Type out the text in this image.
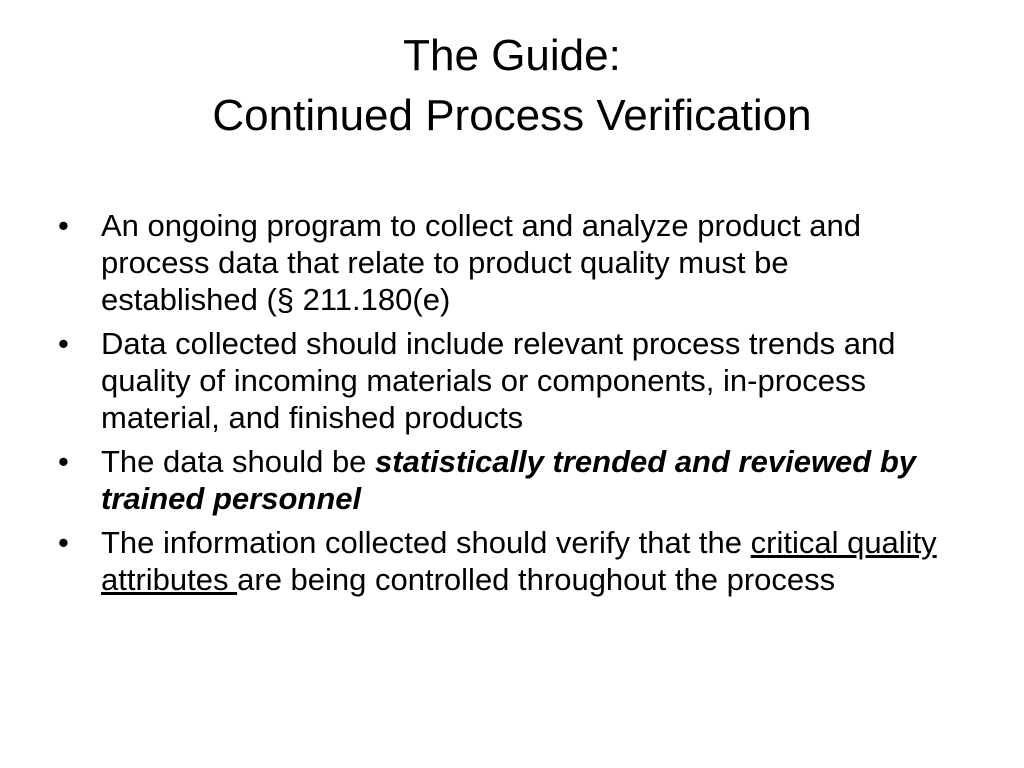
The Guide:
Continued Process Verification
• An ongoing program to collect and analyze product and process data that relate to product quality must be established (§ 211.180(e)
• Data collected should include relevant process trends and quality of incoming materials or components, in-process material, and finished products
• The data should be statistically trended and reviewed by trained personnel
• The information collected should verify that the critical quality attributes are being controlled throughout the process
